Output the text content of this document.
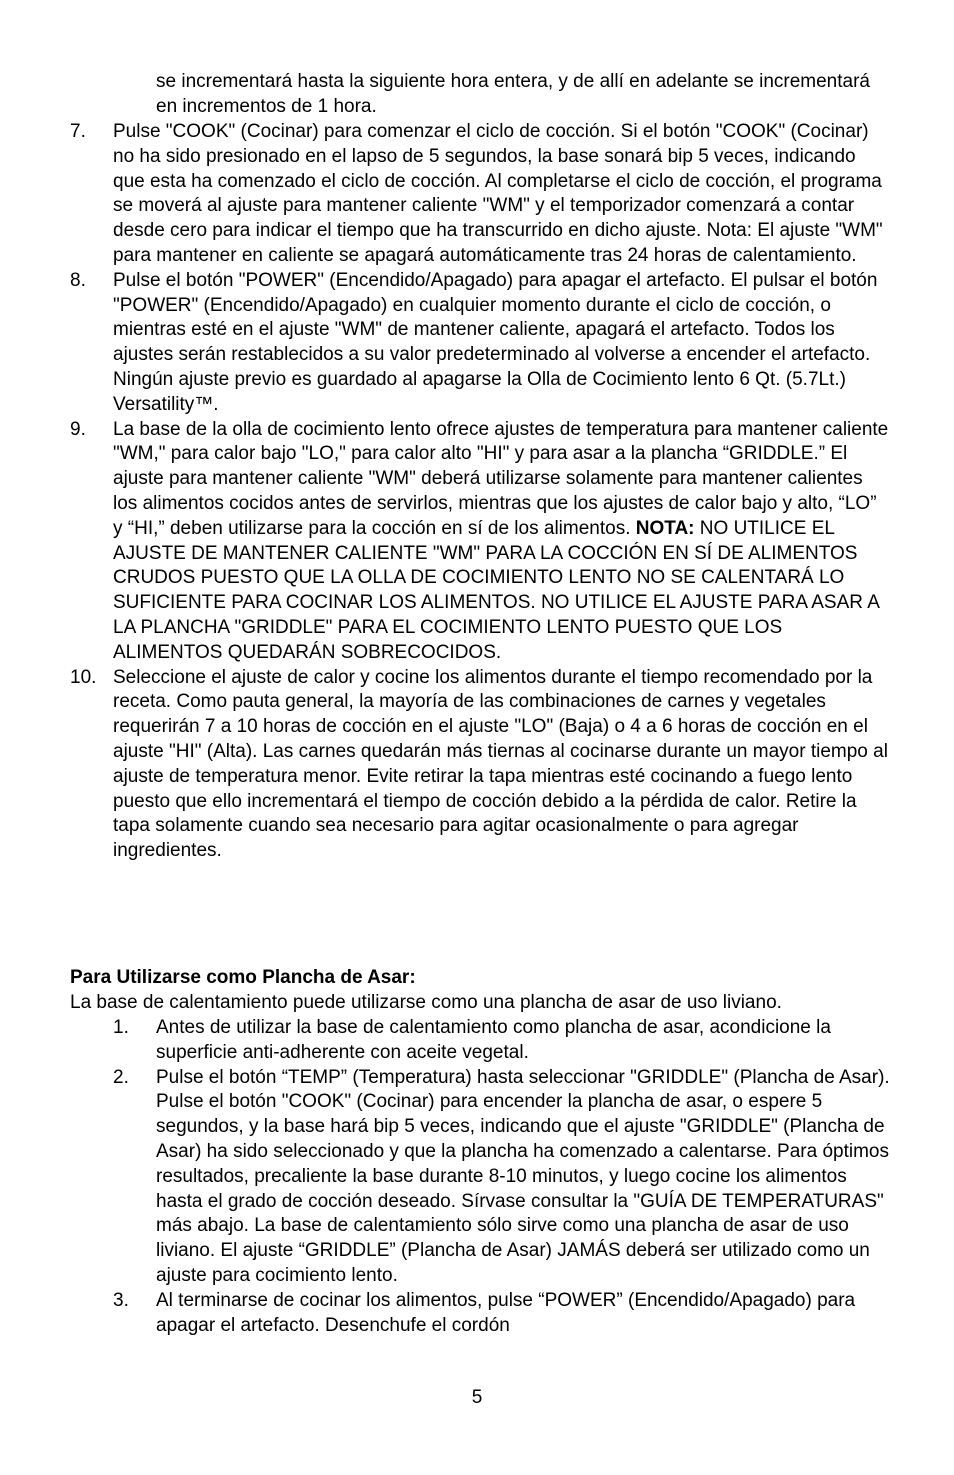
se incrementará hasta la siguiente hora entera, y de allí en adelante se incrementará en incrementos de 1 hora.

7. Pulse "COOK" (Cocinar) para comenzar el ciclo de cocción. Si el botón "COOK" (Cocinar) no ha sido presionado en el lapso de 5 segundos, la base sonará bip 5 veces, indicando que esta ha comenzado el ciclo de cocción. Al completarse el ciclo de cocción, el programa se moverá al ajuste para mantener caliente "WM" y el temporizador comenzará a contar desde cero para indicar el tiempo que ha transcurrido en dicho ajuste. Nota: El ajuste "WM" para mantener en caliente se apagará automáticamente tras 24 horas de calentamiento.
8. Pulse el botón "POWER" (Encendido/Apagado) para apagar el artefacto. El pulsar el botón "POWER" (Encendido/Apagado) en cualquier momento durante el ciclo de cocción, o mientras esté en el ajuste "WM" de mantener caliente, apagará el artefacto. Todos los ajustes serán restablecidos a su valor predeterminado al volverse a encender el artefacto. Ningún ajuste previo es guardado al apagarse la Olla de Cocimiento lento 6 Qt. (5.7Lt.) Versatility™.
9. La base de la olla de cocimiento lento ofrece ajustes de temperatura para mantener caliente "WM," para calor bajo "LO," para calor alto "HI" y para asar a la plancha “GRIDDLE.” El ajuste para mantener caliente "WM" deberá utilizarse solamente para mantener calientes los alimentos cocidos antes de servirlos, mientras que los ajustes de calor bajo y alto, “LO” y “HI,” deben utilizarse para la cocción en sí de los alimentos. NOTA: NO UTILICE EL AJUSTE DE MANTENER CALIENTE "WM" PARA LA COCCIÓN EN SÍ DE ALIMENTOS CRUDOS PUESTO QUE LA OLLA DE COCIMIENTO LENTO NO SE CALENTARÁ LO SUFICIENTE PARA COCINAR LOS ALIMENTOS. NO UTILICE EL AJUSTE PARA ASAR A LA PLANCHA "GRIDDLE" PARA EL COCIMIENTO LENTO PUESTO QUE LOS ALIMENTOS QUEDARÁN SOBRECOCIDOS.
10. Seleccione el ajuste de calor y cocine los alimentos durante el tiempo recomendado por la receta. Como pauta general, la mayoría de las combinaciones de carnes y vegetales requerirán 7 a 10 horas de cocción en el ajuste "LO" (Baja) o 4 a 6 horas de cocción en el ajuste "HI" (Alta). Las carnes quedarán más tiernas al cocinarse durante un mayor tiempo al ajuste de temperatura menor. Evite retirar la tapa mientras esté cocinando a fuego lento puesto que ello incrementará el tiempo de cocción debido a la pérdida de calor. Retire la tapa solamente cuando sea necesario para agitar ocasionalmente o para agregar ingredientes.
Para Utilizarse como Plancha de Asar:

La base de calentamiento puede utilizarse como una plancha de asar de uso liviano.

1. Antes de utilizar la base de calentamiento como plancha de asar, acondicione la superficie anti-adherente con aceite vegetal.
2. Pulse el botón “TEMP” (Temperatura) hasta seleccionar "GRIDDLE" (Plancha de Asar). Pulse el botón "COOK" (Cocinar) para encender la plancha de asar, o espere 5 segundos, y la base hará bip 5 veces, indicando que el ajuste "GRIDDLE" (Plancha de Asar) ha sido seleccionado y que la plancha ha comenzado a calentarse. Para óptimos resultados, precaliente la base durante 8-10 minutos, y luego cocine los alimentos hasta el grado de cocción deseado. Sírvase consultar la "GUÍA DE TEMPERATURAS" más abajo. La base de calentamiento sólo sirve como una plancha de asar de uso liviano. El ajuste “GRIDDLE” (Plancha de Asar) JAMÁS deberá ser utilizado como un ajuste para cocimiento lento.
3. Al terminarse de cocinar los alimentos, pulse “POWER” (Encendido/Apagado) para apagar el artefacto. Desenchufe el cordón
5
